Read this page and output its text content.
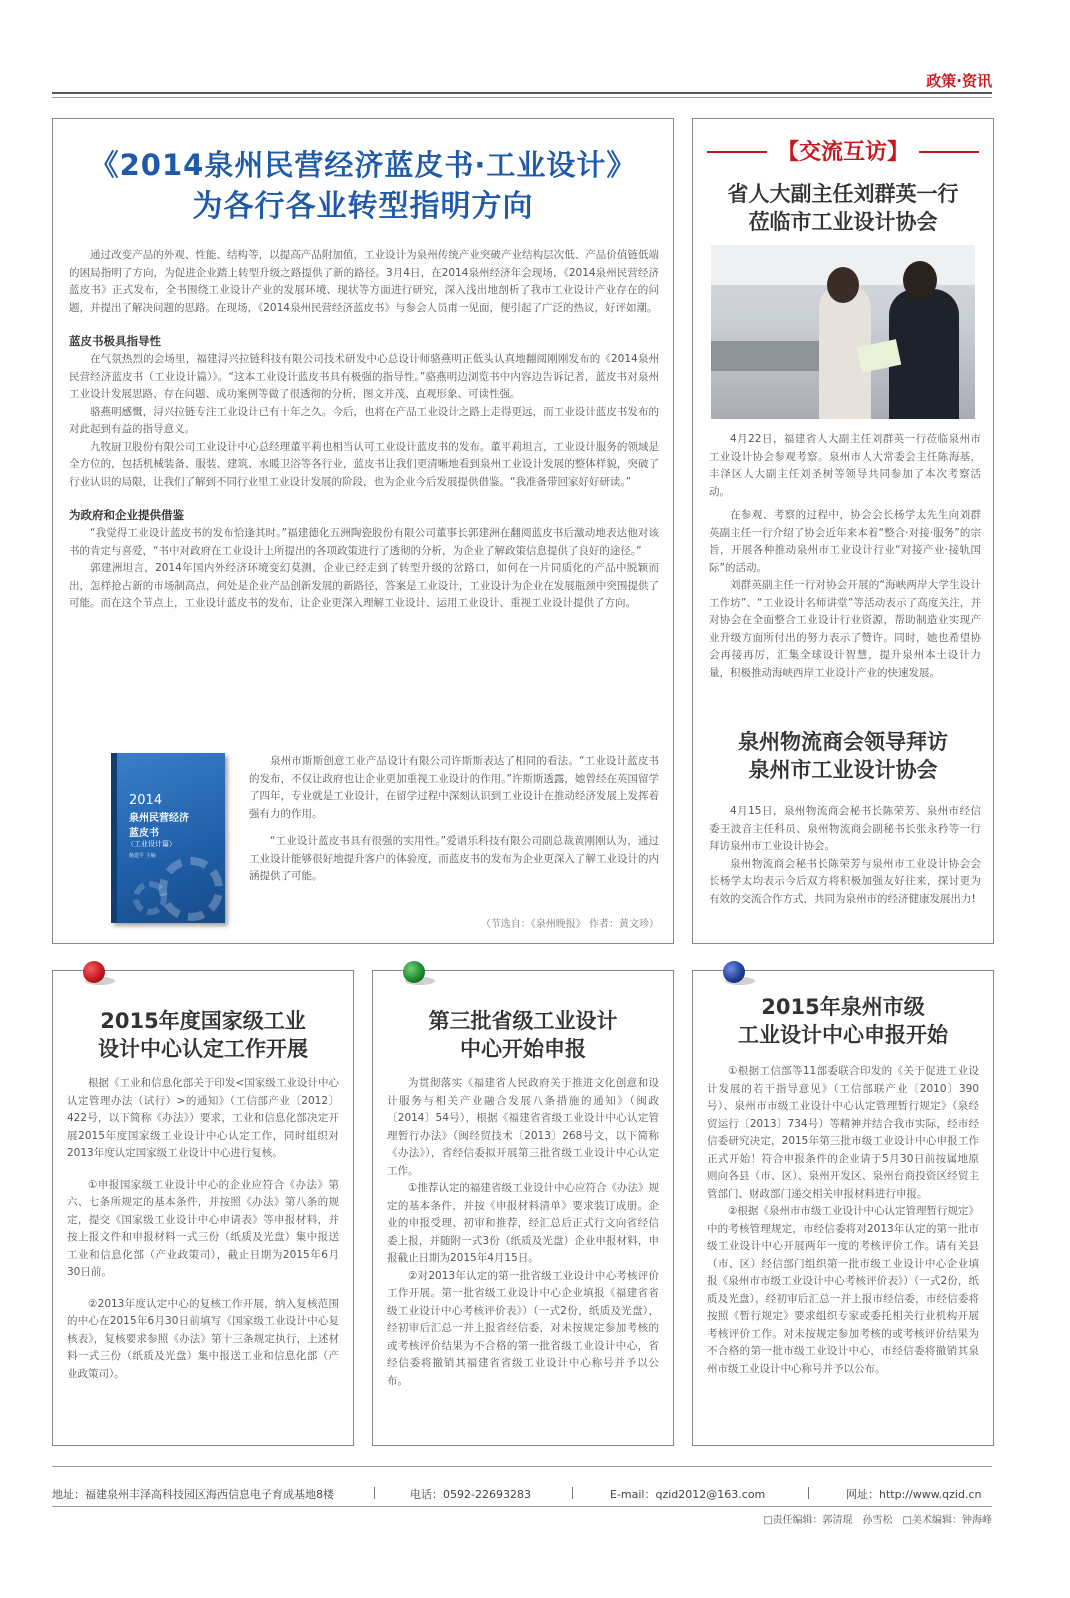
政策·资讯
《2014泉州民营经济蓝皮书·工业设计》
为各行各业转型指明方向

通过改变产品的外观、性能、结构等，以提高产品附加值，工业设计为泉州传统产业突破产业结构层次低、产品价值链低端的困局指明了方向，为促进企业踏上转型升级之路提供了新的路径。3月4日，在2014泉州经济年会现场，《2014泉州民营经济蓝皮书》正式发布，全书围绕工业设计产业的发展环境、现状等方面进行研究，深入浅出地剖析了我市工业设计产业存在的问题，并提出了解决问题的思路。在现场，《2014泉州民营经济蓝皮书》与参会人员甫一见面，便引起了广泛的热议，好评如潮。

蓝皮书极具指导性

在气氛热烈的会场里，福建浔兴拉链科技有限公司技术研发中心总设计师骆燕明正低头认真地翻阅刚刚发布的《2014泉州民营经济蓝皮书（工业设计篇）》。“这本工业设计蓝皮书具有极强的指导性。”骆燕明边浏览书中内容边告诉记者，蓝皮书对泉州工业设计发展思路、存在问题、成功案例等做了很透彻的分析，图文并茂、直观形象、可读性强。

骆燕明感慨，浔兴拉链专注工业设计已有十年之久。今后，也将在产品工业设计之路上走得更远，而工业设计蓝皮书发布的对此起到有益的指导意义。

九牧厨卫股份有限公司工业设计中心总经理董平莉也相当认可工业设计蓝皮书的发布。董平莉坦言，工业设计服务的领域是全方位的，包括机械装备、服装、建筑、水暖卫浴等各行业，蓝皮书让我们更清晰地看到泉州工业设计发展的整体样貌，突破了行业认识的局限，让我们了解到不同行业里工业设计发展的阶段，也为企业今后发展提供借鉴。“我准备带回家好好研读。”

为政府和企业提供借鉴

“我觉得工业设计蓝皮书的发布恰逢其时。”福建德化五洲陶瓷股份有限公司董事长郭建洲在翻阅蓝皮书后激动地表达他对该书的肯定与喜爱，“书中对政府在工业设计上所提出的各项政策进行了透彻的分析，为企业了解政策信息提供了良好的途径。”

郭建洲坦言，2014年国内外经济环境变幻莫测，企业已经走到了转型升级的岔路口，如何在一片同质化的产品中脱颖而出，怎样抢占新的市场制高点，何处是企业产品创新发展的新路径，答案是工业设计，工业设计为企业在发展瓶颈中突围提供了可能。而在这个节点上，工业设计蓝皮书的发布，让企业更深入理解工业设计、运用工业设计、重视工业设计提供了方向。

2014
泉州民营经济
蓝皮书
（工业设计篇）
杨建平 主编

泉州市斯斯创意工业产品设计有限公司许斯斯表达了相同的看法。“工业设计蓝皮书的发布，不仅让政府也让企业更加重视工业设计的作用。”许斯斯透露，她曾经在英国留学了四年，专业就是工业设计，在留学过程中深刻认识到工业设计在推动经济发展上发挥着强有力的作用。

“工业设计蓝皮书具有很强的实用性。”爱谱乐科技有限公司副总裁黄刚刚认为，通过工业设计能够很好地提升客户的体验度，而蓝皮书的发布为企业更深入了解工业设计的内涵提供了可能。

（节选自：《泉州晚报》 作者：黄文珍）
【交流互访】
省人大副主任刘群英一行
莅临市工业设计协会

4月22日，福建省人大副主任刘群英一行莅临泉州市工业设计协会参观考察。泉州市人大常委会主任陈海基，丰泽区人大副主任刘圣树等领导共同参加了本次考察活动。

在参观、考察的过程中，协会会长杨学太先生向刘群英副主任一行介绍了协会近年来本着“整合·对接·服务”的宗旨，开展各种推动泉州市工业设计行业“对接产业·接轨国际”的活动。

刘群英副主任一行对协会开展的“海峡两岸大学生设计工作坊”、“工业设计名师讲堂”等活动表示了高度关注，并对协会在全面整合工业设计行业资源，帮助制造业实现产业升级方面所付出的努力表示了赞许。同时，她也希望协会再接再厉，汇集全球设计智慧，提升泉州本土设计力量，积极推动海峡西岸工业设计产业的快速发展。

泉州物流商会领导拜访
泉州市工业设计协会

4月15日，泉州物流商会秘书长陈荣芳、泉州市经信委王波音主任科员、泉州物流商会副秘书长张永矜等一行拜访泉州市工业设计协会。

泉州物流商会秘书长陈荣芳与泉州市工业设计协会会长杨学太均表示今后双方将积极加强友好往来，探讨更为有效的交流合作方式，共同为泉州市的经济健康发展出力!

2015年度国家级工业
设计中心认定工作开展

根据《工业和信息化部关于印发<国家级工业设计中心认定管理办法（试行）>的通知》（工信部产业〔2012〕422号，以下简称《办法》）要求，工业和信息化部决定开展2015年度国家级工业设计中心认定工作，同时组织对2013年度认定国家级工业设计中心进行复核。

①申报国家级工业设计中心的企业应符合《办法》第六、七条所规定的基本条件，并按照《办法》第八条的规定，提交《国家级工业设计中心申请表》等申报材料，并按上报文件和申报材料一式三份（纸质及光盘）集中报送工业和信息化部（产业政策司），截止日期为2015年6月30日前。

②2013年度认定中心的复核工作开展，纳入复核范围的中心在2015年6月30日前填写《国家级工业设计中心复核表》，复核要求参照《办法》第十三条规定执行，上述材料一式三份（纸质及光盘）集中报送工业和信息化部（产业政策司）。

第三批省级工业设计
中心开始申报

为贯彻落实《福建省人民政府关于推进文化创意和设计服务与相关产业融合发展八条措施的通知》（闽政〔2014〕54号），根据《福建省省级工业设计中心认定管理暂行办法》（闽经贸技术〔2013〕268号文，以下简称《办法》），省经信委拟开展第三批省级工业设计中心认定工作。

①推荐认定的福建省级工业设计中心应符合《办法》规定的基本条件，并按《申报材料清单》要求装订成册。企业的申报受理、初审和推荐，经汇总后正式行文向省经信委上报，并随附一式3份（纸质及光盘）企业申报材料，申报截止日期为2015年4月15日。

②对2013年认定的第一批省级工业设计中心考核评价工作开展。第一批省级工业设计中心企业填报《福建省省级工业设计中心考核评价表》）（一式2份，纸质及光盘），经初审后汇总一并上报省经信委，对未按规定参加考核的或考核评价结果为不合格的第一批省级工业设计中心，省经信委将撤销其福建省省级工业设计中心称号并予以公布。

2015年泉州市级
工业设计中心申报开始

①根据工信部等11部委联合印发的《关于促进工业设计发展的若干指导意见》（工信部联产业〔2010〕390号）、泉州市市级工业设计中心认定管理暂行规定》（泉经贸运行〔2013〕734号）等精神并结合我市实际，经市经信委研究决定，2015年第三批市级工业设计中心申报工作正式开始！符合申报条件的企业请于5月30日前按属地原则向各县（市、区）、泉州开发区、泉州台商投资区经贸主管部门、财政部门递交相关申报材料进行申报。

②根据《泉州市市级工业设计中心认定管理暂行规定》中的考核管理规定，市经信委将对2013年认定的第一批市级工业设计中心开展两年一度的考核评价工作。请有关县（市、区）经信部门组织第一批市级工业设计中心企业填报《泉州市市级工业设计中心考核评价表》）（一式2份，纸质及光盘），经初审后汇总一并上报市经信委，市经信委将按照《暂行规定》要求组织专家或委托相关行业机构开展考核评价工作。对未按规定参加考核的或考核评价结果为不合格的第一批市级工业设计中心，市经信委将撤销其泉州市级工业设计中心称号并予以公布。

地址：福建泉州丰泽高科技园区海西信息电子育成基地8楼	电话：0592-22693283	E-mail：qzid2012@163.com	网址：http://www.qzid.cn
□责任编辑：郭清琨　孙雪松　□美术编辑：钟海峰
